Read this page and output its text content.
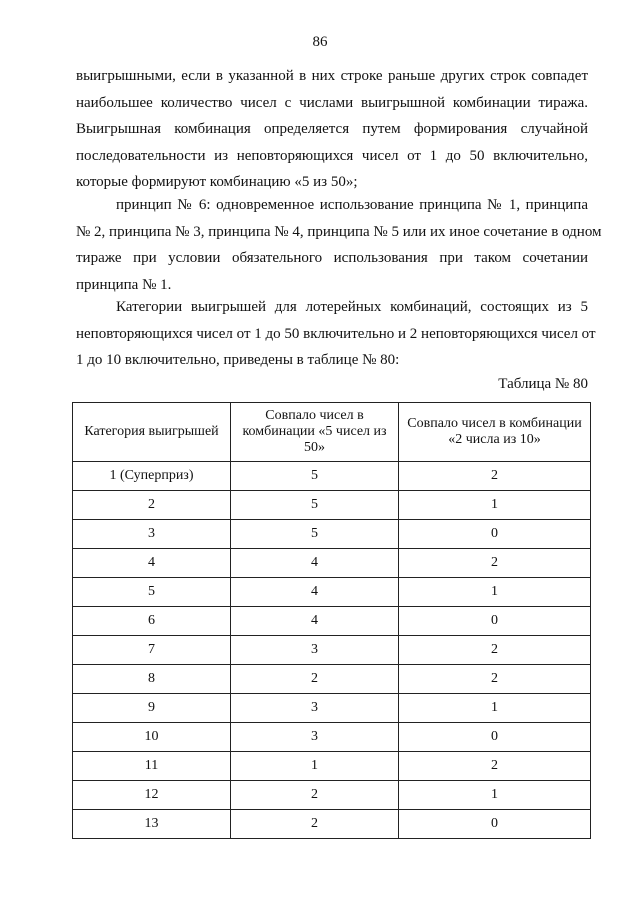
86
выигрышными, если в указанной в них строке раньше других строк совпадет
наибольшее количество чисел с числами выигрышной комбинации тиража.
Выигрышная комбинация определяется путем формирования случайной
последовательности из неповторяющихся чисел от 1 до 50 включительно,
которые формируют комбинацию «5 из 50»;
принцип № 6: одновременное использование принципа № 1, принципа
№ 2, принципа № 3, принципа № 4, принципа № 5 или их иное сочетание в одном
тираже при условии обязательного использования при таком сочетании
принципа № 1.
Категории выигрышей для лотерейных комбинаций, состоящих из 5
неповторяющихся чисел от 1 до 50 включительно и 2 неповторяющихся чисел от
1 до 10 включительно, приведены в таблице № 80:
Таблица № 80
Категория выигрышей	Совпало чисел в комбинации «5 чисел из 50»	Совпало чисел в комбинации «2 числа из 10»
1 (Суперприз)	5	2
2	5	1
3	5	0
4	4	2
5	4	1
6	4	0
7	3	2
8	2	2
9	3	1
10	3	0
11	1	2
12	2	1
13	2	0
